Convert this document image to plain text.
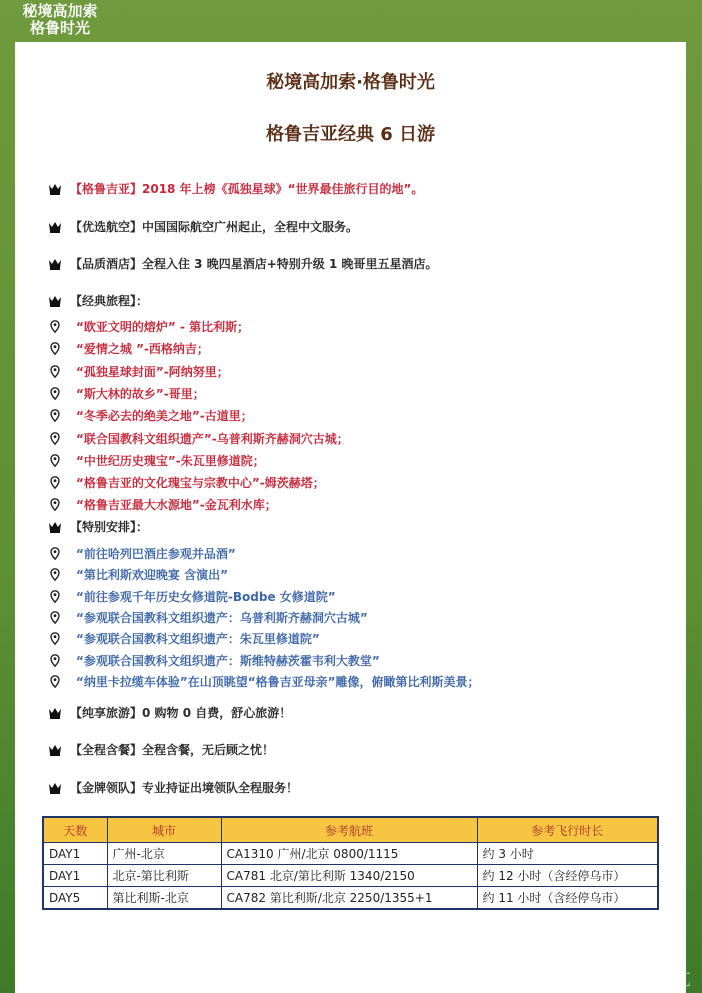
秘境高加索
格鲁时光
秘境高加索·格鲁时光
格鲁吉亚经典 6 日游
【格鲁吉亚】2018 年上榜《孤独星球》“世界最佳旅行目的地”。
【优选航空】中国国际航空广州起止，全程中文服务。
【品质酒店】全程入住 3 晚四星酒店+特别升级 1 晚哥里五星酒店。
【经典旅程】：
“欧亚文明的熔炉” - 第比利斯；
“爱情之城 ”-西格纳吉；
“孤独星球封面”-阿纳努里；
“斯大林的故乡”-哥里；
“冬季必去的绝美之地”-古道里；
“联合国教科文组织遗产”-乌普利斯齐赫洞穴古城；
“中世纪历史瑰宝”-朱瓦里修道院；
“格鲁吉亚的文化瑰宝与宗教中心”-姆茨赫塔；
“格鲁吉亚最大水源地”-金瓦利水库；
【特别安排】：
“前往哈列巴酒庄参观并品酒”
“第比利斯欢迎晚宴 含演出”
“前往参观千年历史女修道院-Bodbe 女修道院”
“参观联合国教科文组织遗产：乌普利斯齐赫洞穴古城”
“参观联合国教科文组织遗产：朱瓦里修道院”
“参观联合国教科文组织遗产：斯维特赫茨霍韦利大教堂”
“纳里卡拉缆车体验”在山顶眺望“格鲁吉亚母亲”雕像，俯瞰第比利斯美景；
【纯享旅游】0 购物 0 自费，舒心旅游！
【全程含餐】全程含餐，无后顾之忧！
【金牌领队】专业持证出境领队全程服务！
天数	城市	参考航班	参考飞行时长
DAY1	广州-北京	CA1310 广州/北京 0800/1115	约 3 小时
DAY1	北京-第比利斯	CA781 北京/第比利斯 1340/2150	约 12 小时（含经停乌市）
DAY5	第比利斯-北京	CA782 第比利斯/北京 2250/1355+1	约 11 小时（含经停乌市）
行以所记，在有慕尤
